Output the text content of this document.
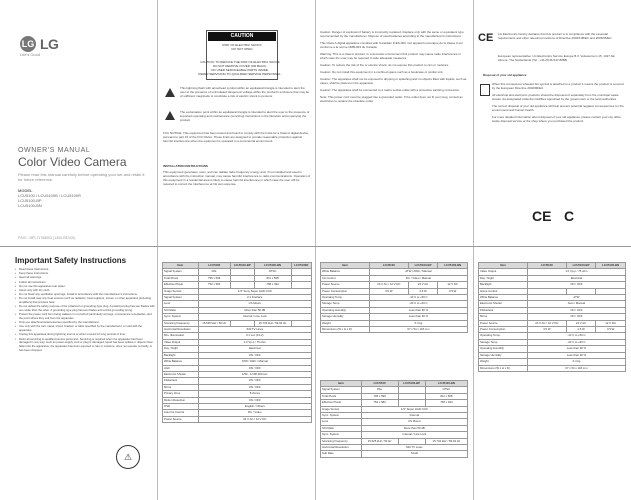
LG LG
Life's Good
OWNER'S MANUAL
Color Video Camera
Please read this manual carefully before operating your set and retain it for future reference.
MODEL
LCU5100 / LCU5100B / LCU5100R
LCU5100-BP
LCU5100-BN
P/NO : MFL71768003 (1305-REV00)
CAUTION
RISK OF ELECTRIC SHOCK
DO NOT OPEN
CAUTION: TO REDUCE THE RISK OF ELECTRIC SHOCK
DO NOT REMOVE COVER (OR BACK).
NO USER SERVICEABLE PARTS INSIDE.
REFER SERVICING TO QUALIFIED SERVICE PERSONNEL.
This lightning flash with arrowhead symbol within an equilateral triangle is intended to alert the user to the presence of uninsulated dangerous voltage within the product's enclosure that may be of sufficient magnitude to constitute a risk of electric shock to persons.
The exclamation point within an equilateral triangle is intended to alert the user to the presence of important operating and maintenance (servicing) instructions in the literature accompanying the product.
FCC NOTICE: This equipment has been tested and found to comply with the limits for a Class A digital device, pursuant to part 15 of the FCC Rules. These limits are designed to provide reasonable protection against harmful interference when the equipment is operated in a commercial environment.
INSTALLATION INSTRUCTIONS
This equipment generates, uses, and can radiate radio frequency energy and, if not installed and used in accordance with the instruction manual, may cause harmful interference to radio communications. Operation of this equipment in a residential area is likely to cause harmful interference in which case the user will be required to correct the interference at his own expense.

Caution: Danger of explosion if battery is incorrectly replaced. Replace only with the same or equivalent type recommended by the manufacturer. Dispose of used batteries according to the manufacturer's instructions.

This Class A digital apparatus complies with Canadian ICES-003. Cet appareil numerique de la classe A est conforme a la norme NMB-003 du Canada.

Warning: This is a class A product. In a domestic environment this product may cause radio interference in which case the user may be required to take adequate measures.

Caution: To reduce the risk of fire or electric shock, do not expose this product to rain or moisture.

Caution: Do not install this equipment in a confined space such as a bookcase or similar unit.

Caution: The apparatus shall not be exposed to dripping or splashing and no objects filled with liquids, such as vases, shall be placed on the apparatus.

Caution: The apparatus shall be connected to a mains socket outlet with a protective earthing connection.

Note: This power cord must be plugged into a grounded outlet. If the outlet does not fit your plug, consult an electrician to replace the obsolete outlet.

CE LG Electronics hereby declares that this product is in compliance with the essential requirements and other relevant provisions of Directive 2004/108/EC and 2006/95/EC.
European representative: LG Electronics Service Europe B.V. Veluwezoom 15, 1327 AE Almere, The Netherlands (Tel : +31-(0)36-547-8888)
Disposal of your old appliance

When this crossed-out wheeled bin symbol is attached to a product it means the product is covered by the European Directive 2002/96/EC.

All electrical and electronic products should be disposed of separately from the municipal waste stream via designated collection facilities appointed by the government or the local authorities.

The correct disposal of your old appliance will help prevent potential negative consequences for the environment and human health.

For more detailed information about disposal of your old appliance, please contact your city office, waste disposal service or the shop where you purchased the product.

CE C
Important Safety Instructions
• Read these instructions.
• Keep these instructions.
• Heed all warnings.
• Follow all instructions.
• Do not use this apparatus near water.
• Clean only with dry cloth.
• Do not block any ventilation openings. Install in accordance with the manufacturer's instructions.
• Do not install near any heat sources such as radiators, heat registers, stoves, or other apparatus (including amplifiers) that produce heat.
• Do not defeat the safety purpose of the polarized or grounding-type plug. A polarized plug has two blades with one wider than the other. A grounding type plug has two blades and a third grounding prong.
• Protect the power cord from being walked on or pinched particularly at plugs, convenience receptacles, and the point where they exit from the apparatus.
• Only use attachments/accessories specified by the manufacturer.
• Use only with the cart, stand, tripod, bracket, or table specified by the manufacturer, or sold with the apparatus.
• Unplug this apparatus during lightning storms or when unused for long periods of time.
• Refer all servicing to qualified service personnel. Servicing is required when the apparatus has been damaged in any way, such as power-supply cord or plug is damaged, liquid has been spilled or objects have fallen into the apparatus, the apparatus has been exposed to rain or moisture, does not operate normally, or has been dropped.
⚠
Item	LCU5100	LCU5100-BP	LCU5100-BN	LCU5100R
Signal System	PAL		NTSC	
Total Pixels	795 x 596		811 x 508	
Effective Pixels	752 x 582		768 x 494	
Image Sensor	1/3" Sony Super HAD CCD			
Signal System	2:1 Interlace			
Lens	CS Mount			
S/N Ratio	More than 50 dB			
Sync. System	Internal / Line Lock			
Scanning Frequency	15.625 kHz / 50 Hz		15.734 kHz / 59.94 Hz	
Horizontal Resolution	540 TV Lines			
Min. Illumination	0.1 Lux (F1.2)			
Video Output	1.0 Vp-p / 75 ohm			
Day / Night	Electrical			
Backlight	ON / OFF			
White Balance	ATW / AWC / Manual			
AGC	ON / OFF			
Electronic Shutter	1/50 - 1/100,000 sec			
Flickerless	ON / OFF			
Mirror	ON / OFF			
Privacy Zone	8 Zones			
Motion Detection	ON / OFF			
OSD	English / Others			
Auto Iris Control	DC / Video			
Power Source	24 V AC / 12 V DC			
Item	LCU5100	LCU5100-BP	LCU5100-BN
White Balance	ATW / AWC / Manual		
Iris Control	DC / Video / Manual		
Power Source	24 V AC / 12 V DC	24 V AC	12 V DC
Power Consumption	3.5 W	4.5 W	3.5 W
Operating Temp.	-10 C to +50 C		
Storage Temp.	-20 C to +60 C		
Operating Humidity	Less than 90 %		
Storage Humidity	Less than 90 %		
Weight	0.4 kg		
Dimensions (W x H x D)	67 x 54 x 118 mm		
Item	LCU5100	LCU5100-BP	LCU5100-BN
Signal System	PAL		NTSC
Total Pixels	795 x 596		811 x 508
Effective Pixels	752 x 582		768 x 494
Image Sensor	1/3" Super HAD CCD		
Sync. System	Internal		
Lens	CS Mount		
S/N Ratio	More than 50 dB		
Sync. System	Internal / Line Lock		
Scanning Frequency	15.625 kHz / 50 Hz		15.734 kHz / 59.94 Hz
Horizontal Resolution	540 TV Lines		
Sub Rate	Small		
Item	LCU5100	LCU5100-BP	LCU5100-BN
Video Output	1.0 Vp-p / 75 ohm		
Day / Night	Electrical		
Backlight	ON / OFF		
Home Control			
White Balance	ATW		
Electronic Shutter	Auto / Manual		
Flickerless	ON / OFF		
Mirror	ON / OFF		
Power Source	24 V AC / 12 V DC	24 V AC	12 V DC
Power Consumption	3.5 W	4.5 W	3.5 W
Operating Temp.	-10 C to +50 C		
Storage Temp.	-20 C to +60 C		
Operating Humidity	Less than 90 %		
Storage Humidity	Less than 90 %		
Weight	0.4 kg		
Dimensions (W x H x D)	67 x 54 x 118 mm		
